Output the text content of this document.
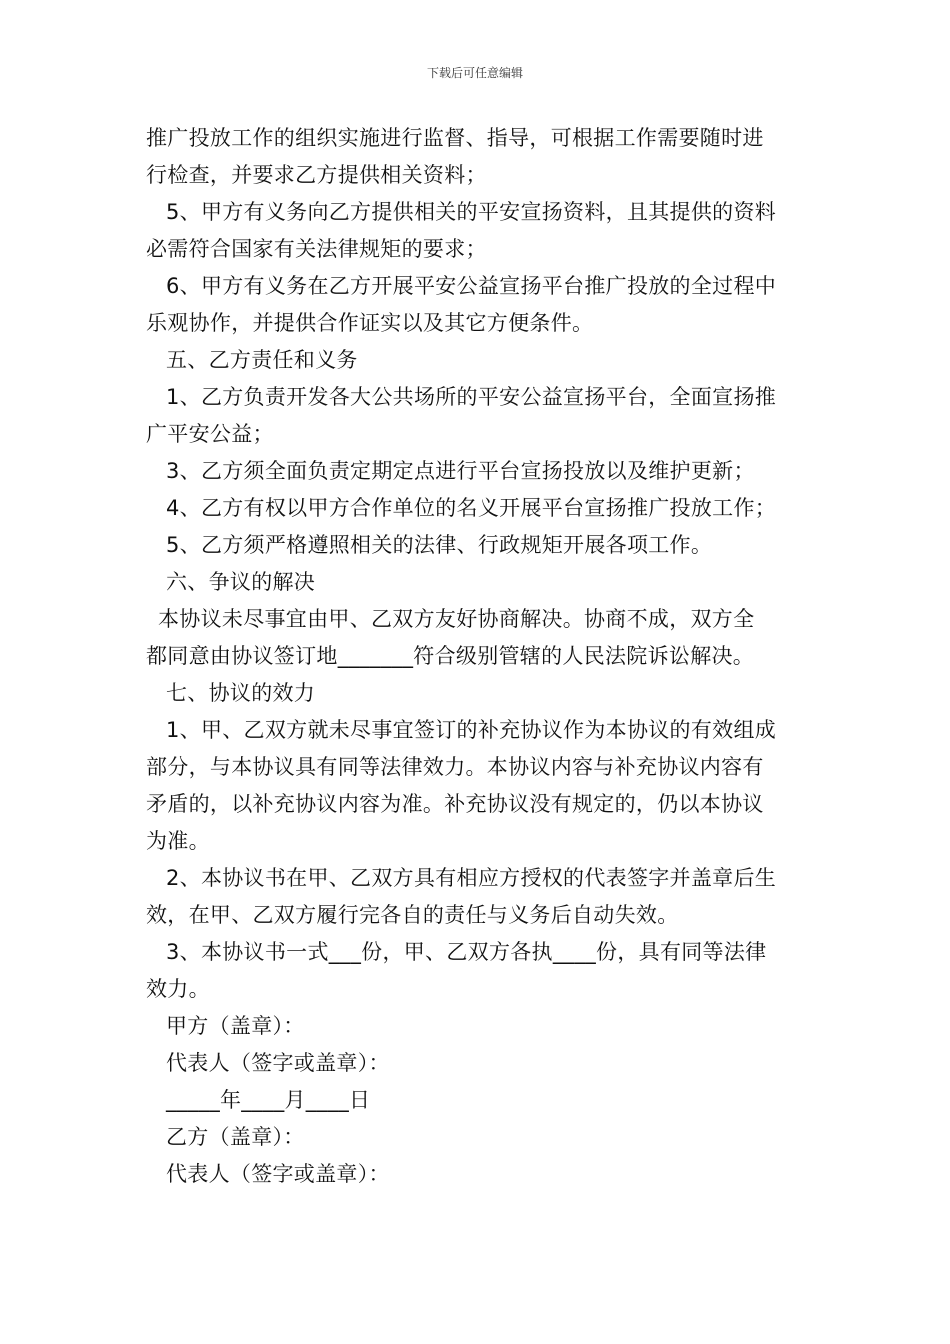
下载后可任意编辑
推广投放工作的组织实施进行监督、指导，可根据工作需要随时进
行检查，并要求乙方提供相关资料；
5、甲方有义务向乙方提供相关的平安宣扬资料，且其提供的资料
必需符合国家有关法律规矩的要求；
6、甲方有义务在乙方开展平安公益宣扬平台推广投放的全过程中
乐观协作，并提供合作证实以及其它方便条件。
五、乙方责任和义务
1、乙方负责开发各大公共场所的平安公益宣扬平台，全面宣扬推
广平安公益；
3、乙方须全面负责定期定点进行平台宣扬投放以及维护更新；
4、乙方有权以甲方合作单位的名义开展平台宣扬推广投放工作；
5、乙方须严格遵照相关的法律、行政规矩开展各项工作。
六、争议的解决
本协议未尽事宜由甲、乙双方友好协商解决。协商不成，双方全
都同意由协议签订地_______符合级别管辖的人民法院诉讼解决。
七、协议的效力
1、甲、乙双方就未尽事宜签订的补充协议作为本协议的有效组成
部分，与本协议具有同等法律效力。本协议内容与补充协议内容有
矛盾的，以补充协议内容为准。补充协议没有规定的，仍以本协议
为准。
2、本协议书在甲、乙双方具有相应方授权的代表签字并盖章后生
效，在甲、乙双方履行完各自的责任与义务后自动失效。
3、本协议书一式___份，甲、乙双方各执____份，具有同等法律
效力。
甲方（盖章）：
代表人（签字或盖章）：
_____年____月____日
乙方（盖章）：
代表人（签字或盖章）：
